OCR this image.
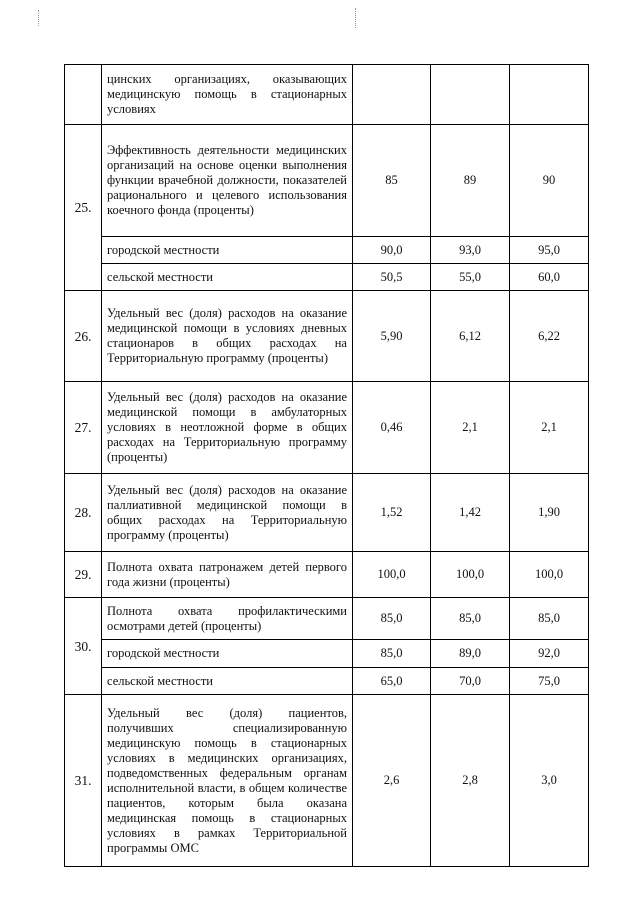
	цинских организациях, оказывающих медицинскую помощь в стационарных условиях			
25.	Эффективность деятельности медицинских организаций на основе оценки выполнения функции врачебной должности, показателей рационального и целевого использования коечного фонда (проценты)	85	89	90
	городской местности	90,0	93,0	95,0
	сельской местности	50,5	55,0	60,0
26.	Удельный вес (доля) расходов на оказание медицинской помощи в условиях дневных стационаров в общих расходах на Территориальную программу (проценты)	5,90	6,12	6,22
27.	Удельный вес (доля) расходов на оказание медицинской помощи в амбулаторных условиях в неотложной форме в общих расходах на Территориальную программу (проценты)	0,46	2,1	2,1
28.	Удельный вес (доля) расходов на оказание паллиативной медицинской помощи в общих расходах на Территориальную программу (проценты)	1,52	1,42	1,90
29.	Полнота охвата патронажем детей первого года жизни (проценты)	100,0	100,0	100,0
30.	Полнота охвата профилактическими осмотрами детей (проценты)	85,0	85,0	85,0
	городской местности	85,0	89,0	92,0
	сельской местности	65,0	70,0	75,0
31.	Удельный вес (доля) пациентов, получивших специализированную медицинскую помощь в стационарных условиях в медицинских организациях, подведомственных федеральным органам исполнительной власти, в общем количестве пациентов, которым была оказана медицинская помощь в стационарных условиях в рамках Территориальной программы ОМС	2,6	2,8	3,0
